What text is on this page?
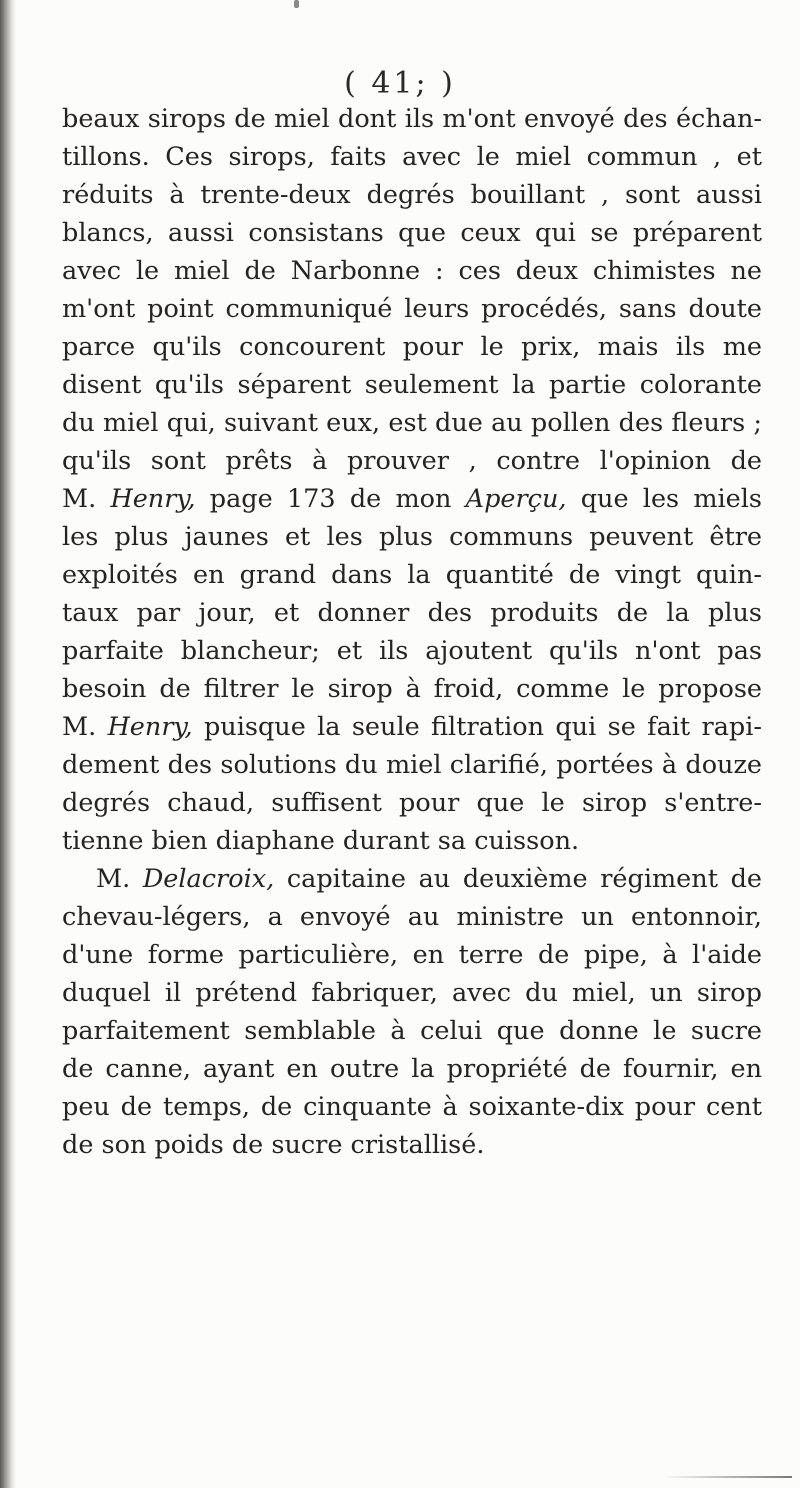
( 41; )
beaux sirops de miel dont ils m'ont envoyé des échan-
tillons. Ces sirops, faits avec le miel commun , et
réduits à trente-deux degrés bouillant , sont aussi
blancs, aussi consistans que ceux qui se préparent
avec le miel de Narbonne : ces deux chimistes ne
m'ont point communiqué leurs procédés, sans doute
parce qu'ils concourent pour le prix, mais ils me
disent qu'ils séparent seulement la partie colorante
du miel qui, suivant eux, est due au pollen des fleurs ;
qu'ils sont prêts à prouver , contre l'opinion de
M. Henry, page 173 de mon Aperçu, que les miels
les plus jaunes et les plus communs peuvent être
exploités en grand dans la quantité de vingt quin-
taux par jour, et donner des produits de la plus
parfaite blancheur; et ils ajoutent qu'ils n'ont pas
besoin de filtrer le sirop à froid, comme le propose
M. Henry, puisque la seule filtration qui se fait rapi-
dement des solutions du miel clarifié, portées à douze
degrés chaud, suffisent pour que le sirop s'entre-
tienne bien diaphane durant sa cuisson.
M. Delacroix, capitaine au deuxième régiment de
chevau-légers, a envoyé au ministre un entonnoir,
d'une forme particulière, en terre de pipe, à l'aide
duquel il prétend fabriquer, avec du miel, un sirop
parfaitement semblable à celui que donne le sucre
de canne, ayant en outre la propriété de fournir, en
peu de temps, de cinquante à soixante-dix pour cent
de son poids de sucre cristallisé.
